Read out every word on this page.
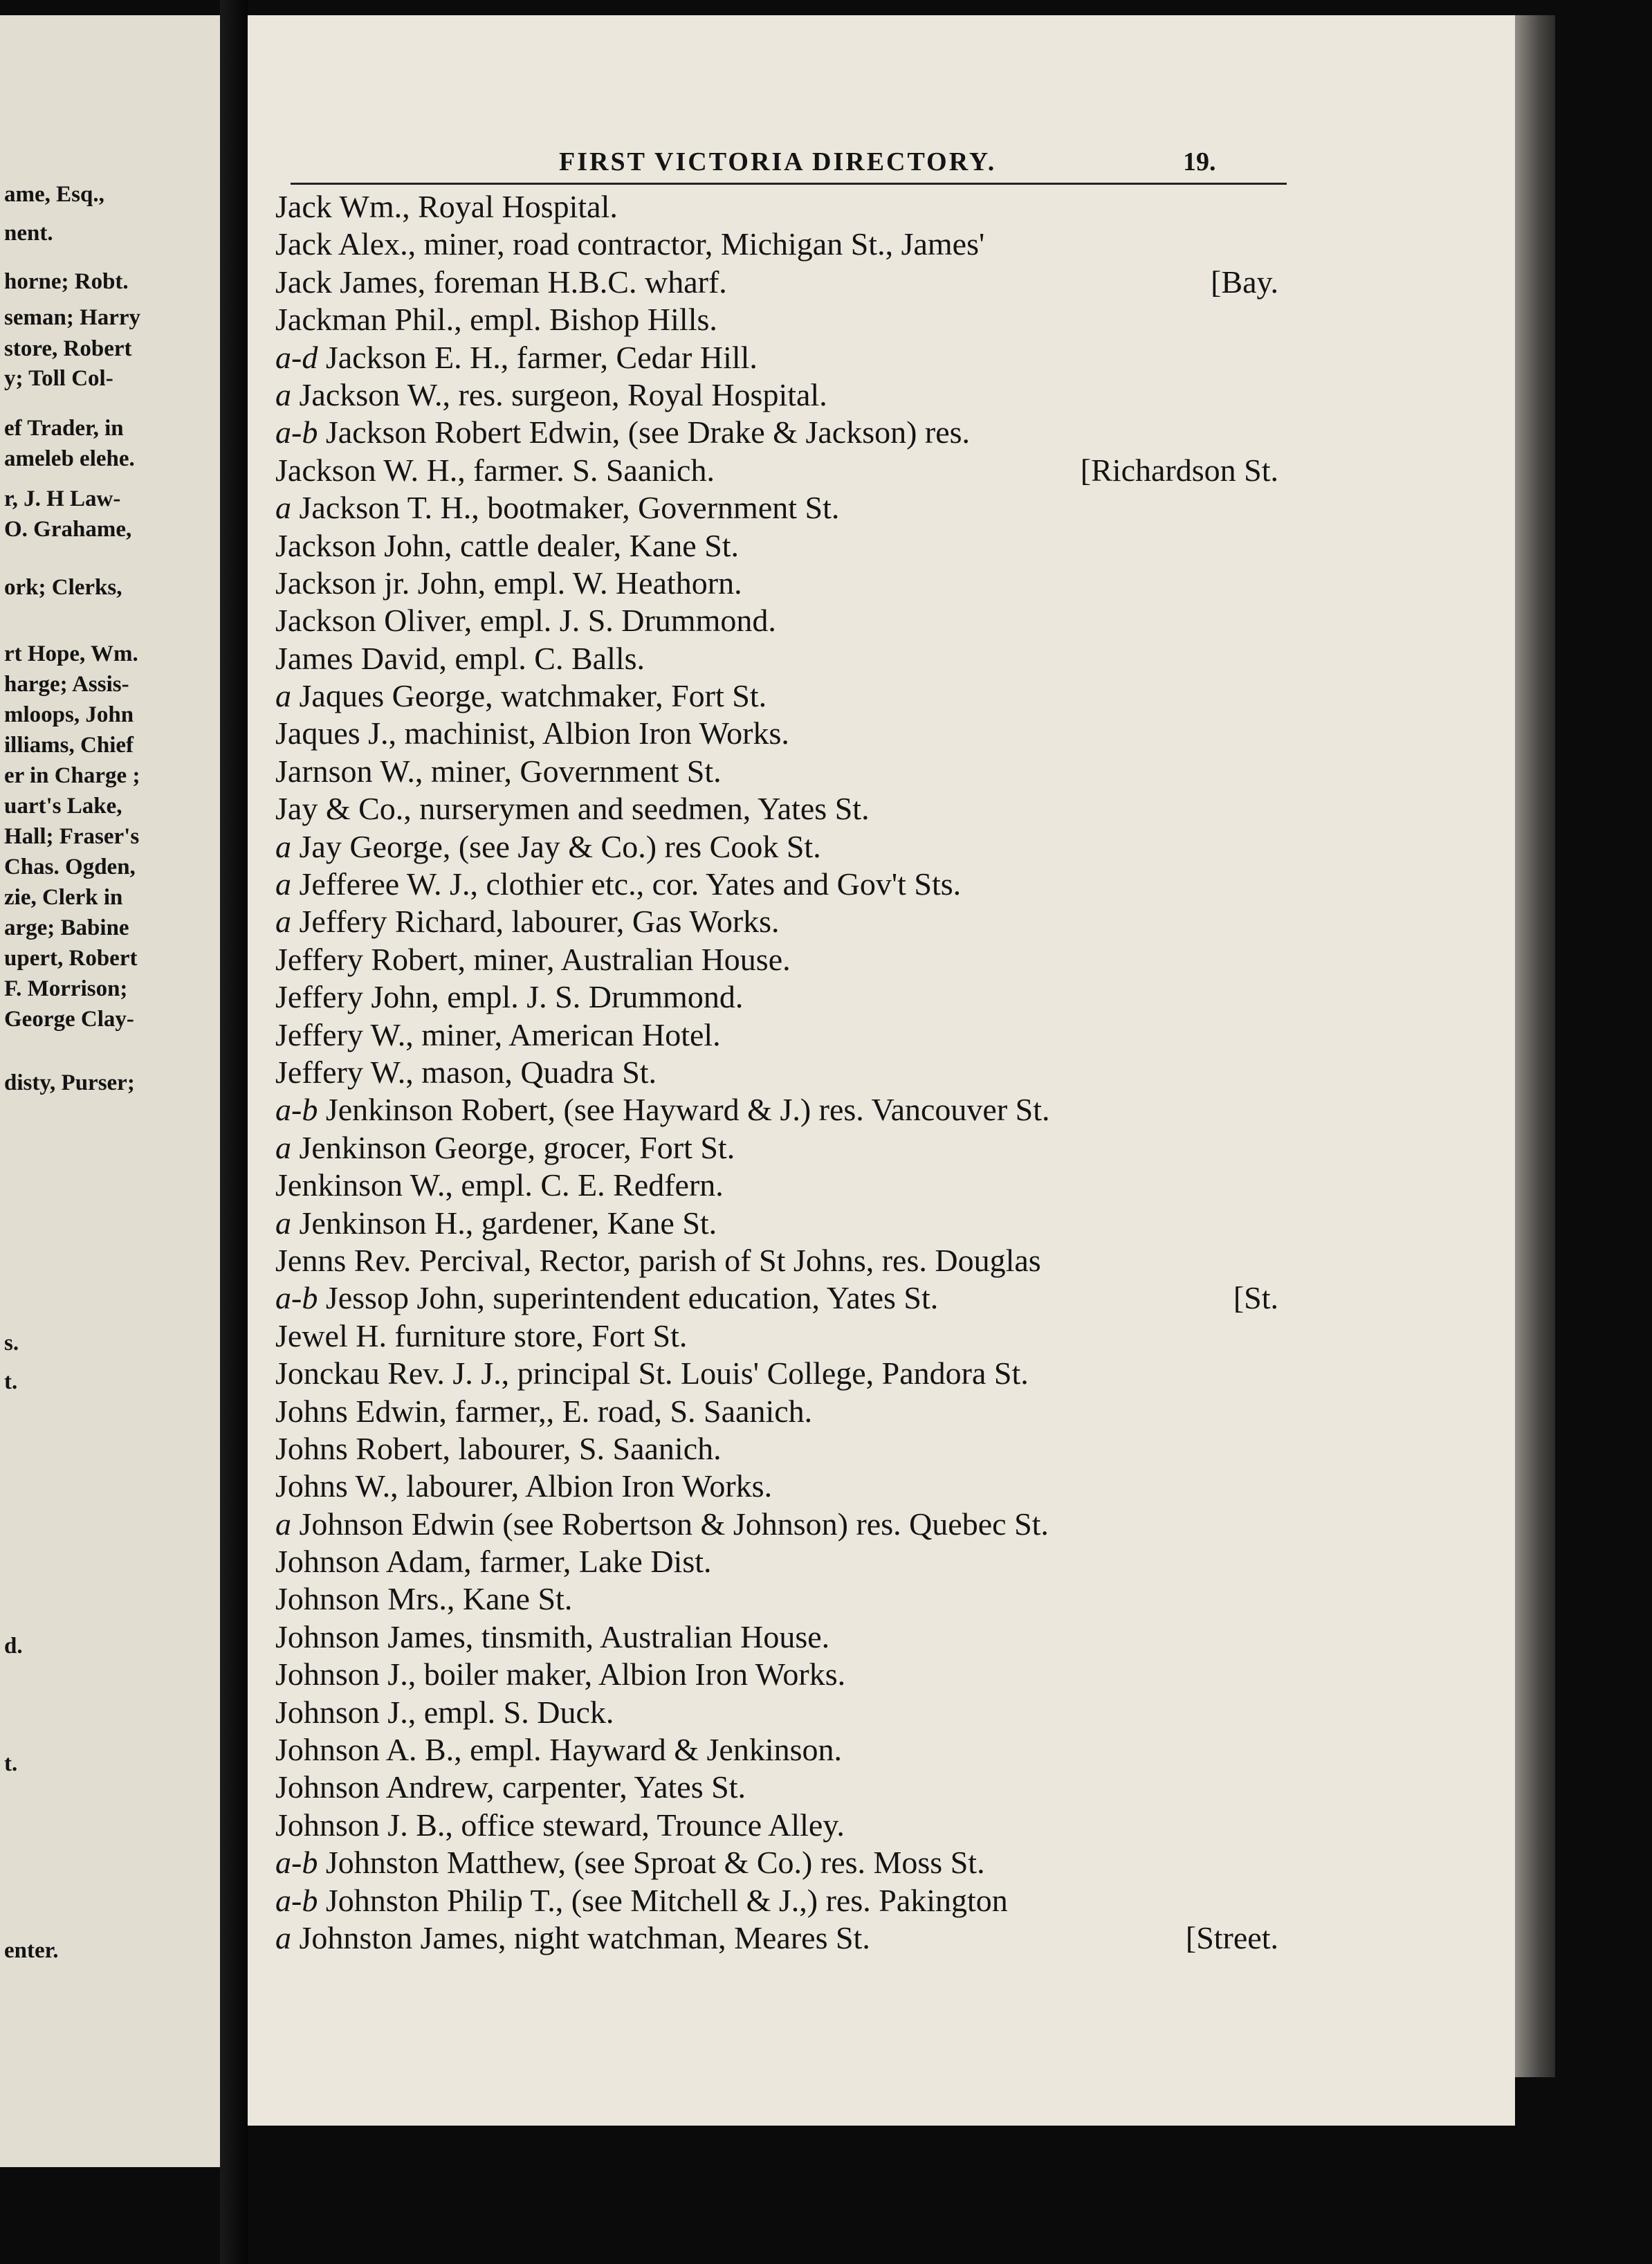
ame, Esq.,
nent.
horne; Robt.
seman; Harry
store, Robert
y; Toll Col-
ef Trader, in
ameleb elehe.
r, J. H Law-
O. Grahame,
ork; Clerks,
rt Hope, Wm.
harge; Assis-
mloops, John
illiams, Chief
er in Charge ;
uart's Lake,
Hall; Fraser's
Chas. Ogden,
zie, Clerk in
arge; Babine
upert, Robert
F. Morrison;
George Clay-
disty, Purser;
s.
t.
d.
t.
enter.
FIRST VICTORIA DIRECTORY.	19.
Jack Wm., Royal Hospital.
Jack Alex., miner, road contractor, Michigan St., James'
Jack James, foreman H.B.C. wharf.	[Bay.
Jackman Phil., empl. Bishop Hills.
a-d Jackson E. H., farmer, Cedar Hill.
a Jackson W., res. surgeon, Royal Hospital.
a-b Jackson Robert Edwin, (see Drake & Jackson) res.
Jackson W. H., farmer. S. Saanich.	[Richardson St.
a Jackson T. H., bootmaker, Government St.
Jackson John, cattle dealer, Kane St.
Jackson jr. John, empl. W. Heathorn.
Jackson Oliver, empl. J. S. Drummond.
James David, empl. C. Balls.
a Jaques George, watchmaker, Fort St.
Jaques J., machinist, Albion Iron Works.
Jarnson W., miner, Government St.
Jay & Co., nurserymen and seedmen, Yates St.
a Jay George, (see Jay & Co.) res Cook St.
a Jefferee W. J., clothier etc., cor. Yates and Gov't Sts.
a Jeffery Richard, labourer, Gas Works.
Jeffery Robert, miner, Australian House.
Jeffery John, empl. J. S. Drummond.
Jeffery W., miner, American Hotel.
Jeffery W., mason, Quadra St.
a-b Jenkinson Robert, (see Hayward & J.) res. Vancouver St.
a Jenkinson George, grocer, Fort St.
Jenkinson W., empl. C. E. Redfern.
a Jenkinson H., gardener, Kane St.
Jenns Rev. Percival, Rector, parish of St Johns, res. Douglas
a-b Jessop John, superintendent education, Yates St.	[St.
Jewel H. furniture store, Fort St.
Jonckau Rev. J. J., principal St. Louis' College, Pandora St.
Johns Edwin, farmer,, E. road, S. Saanich.
Johns Robert, labourer, S. Saanich.
Johns W., labourer, Albion Iron Works.
a Johnson Edwin (see Robertson & Johnson) res. Quebec St.
Johnson Adam, farmer, Lake Dist.
Johnson Mrs., Kane St.
Johnson James, tinsmith, Australian House.
Johnson J., boiler maker, Albion Iron Works.
Johnson J., empl. S. Duck.
Johnson A. B., empl. Hayward & Jenkinson.
Johnson Andrew, carpenter, Yates St.
Johnson J. B., office steward, Trounce Alley.
a-b Johnston Matthew, (see Sproat & Co.) res. Moss St.
a-b Johnston Philip T., (see Mitchell & J.,) res. Pakington
a Johnston James, night watchman, Meares St.	[Street.
